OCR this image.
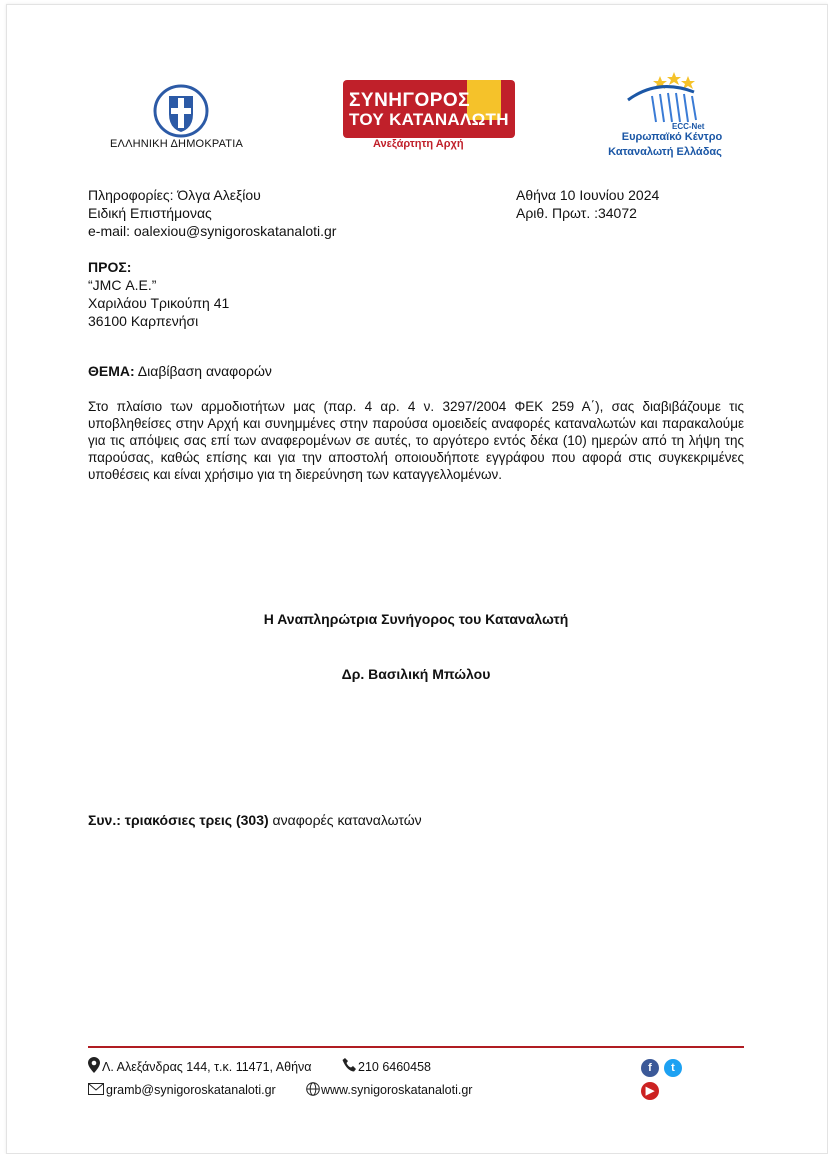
ΕΛΛΗΝΙΚΗ ΔΗΜΟΚΡΑΤΙΑ
ΣΥΝΗΓΟΡΟΣ
ΤΟΥ ΚΑΤΑΝΑΛΩΤΗ
Ανεξάρτητη Αρχή
ECC-Net
Ευρωπαϊκό Κέντρο
Καταναλωτή Ελλάδας
Πληροφορίες: Όλγα Αλεξίου
Ειδική Επιστήμονας
e-mail: oalexiou@synigoroskatanaloti.gr
Αθήνα 10 Ιουνίου 2024
Αριθ. Πρωτ. :34072
ΠΡΟΣ:
“JMC Α.Ε.”
Χαριλάου Τρικούπη 41
36100 Καρπενήσι
ΘΕΜΑ: Διαβίβαση αναφορών
Στο πλαίσιο των αρμοδιοτήτων μας (παρ. 4 αρ. 4 ν. 3297/2004 ΦΕΚ 259 Α΄), σας διαβιβάζουμε τις υποβληθείσες στην Αρχή και συνημμένες στην παρούσα ομοειδείς αναφορές καταναλωτών και παρακαλούμε για τις απόψεις σας επί των αναφερομένων σε αυτές, το αργότερο εντός δέκα (10) ημερών από τη λήψη της παρούσας, καθώς επίσης και για την αποστολή οποιουδήποτε εγγράφου που αφορά στις συγκεκριμένες υποθέσεις και είναι χρήσιμο για τη διερεύνηση των καταγγελλομένων.
Η Αναπληρώτρια Συνήγορος του Καταναλωτή
Δρ. Βασιλική Μπώλου
Συν.: τριακόσιες τρεις (303) αναφορές καταναλωτών
Λ. Αλεξάνδρας 144, τ.κ. 11471, Αθήνα	210 6460458
gramb@synigoroskatanaloti.gr	www.synigoroskatanaloti.gr
f	t
▶
